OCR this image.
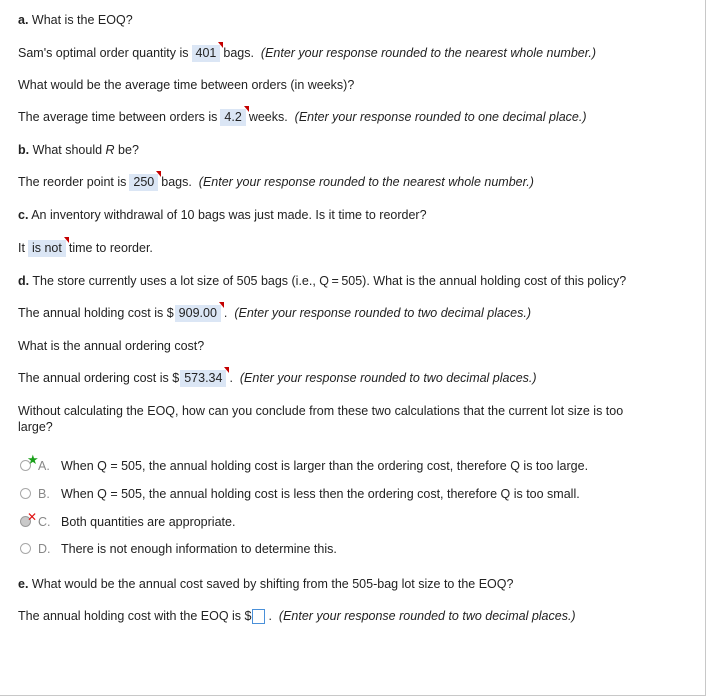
a. What is the EOQ?
Sam's optimal order quantity is 401 bags. (Enter your response rounded to the nearest whole number.)
What would be the average time between orders (in weeks)?
The average time between orders is 4.2 weeks. (Enter your response rounded to one decimal place.)
b. What should R be?
The reorder point is 250 bags. (Enter your response rounded to the nearest whole number.)
c. An inventory withdrawal of 10 bags was just made. Is it time to reorder?
It is not time to reorder.
d. The store currently uses a lot size of 505 bags (i.e., Q = 505). What is the annual holding cost of this policy?
The annual holding cost is $ 909.00 . (Enter your response rounded to two decimal places.)
What is the annual ordering cost?
The annual ordering cost is $ 573.34 . (Enter your response rounded to two decimal places.)
Without calculating the EOQ, how can you conclude from these two calculations that the current lot size is too large?
★ A. When Q = 505, the annual holding cost is larger than the ordering cost, therefore Q is too large.
B. When Q = 505, the annual holding cost is less then the ordering cost, therefore Q is too small.
✕ C. Both quantities are appropriate.
D. There is not enough information to determine this.
e. What would be the annual cost saved by shifting from the 505-bag lot size to the EOQ?
The annual holding cost with the EOQ is $ . (Enter your response rounded to two decimal places.)
